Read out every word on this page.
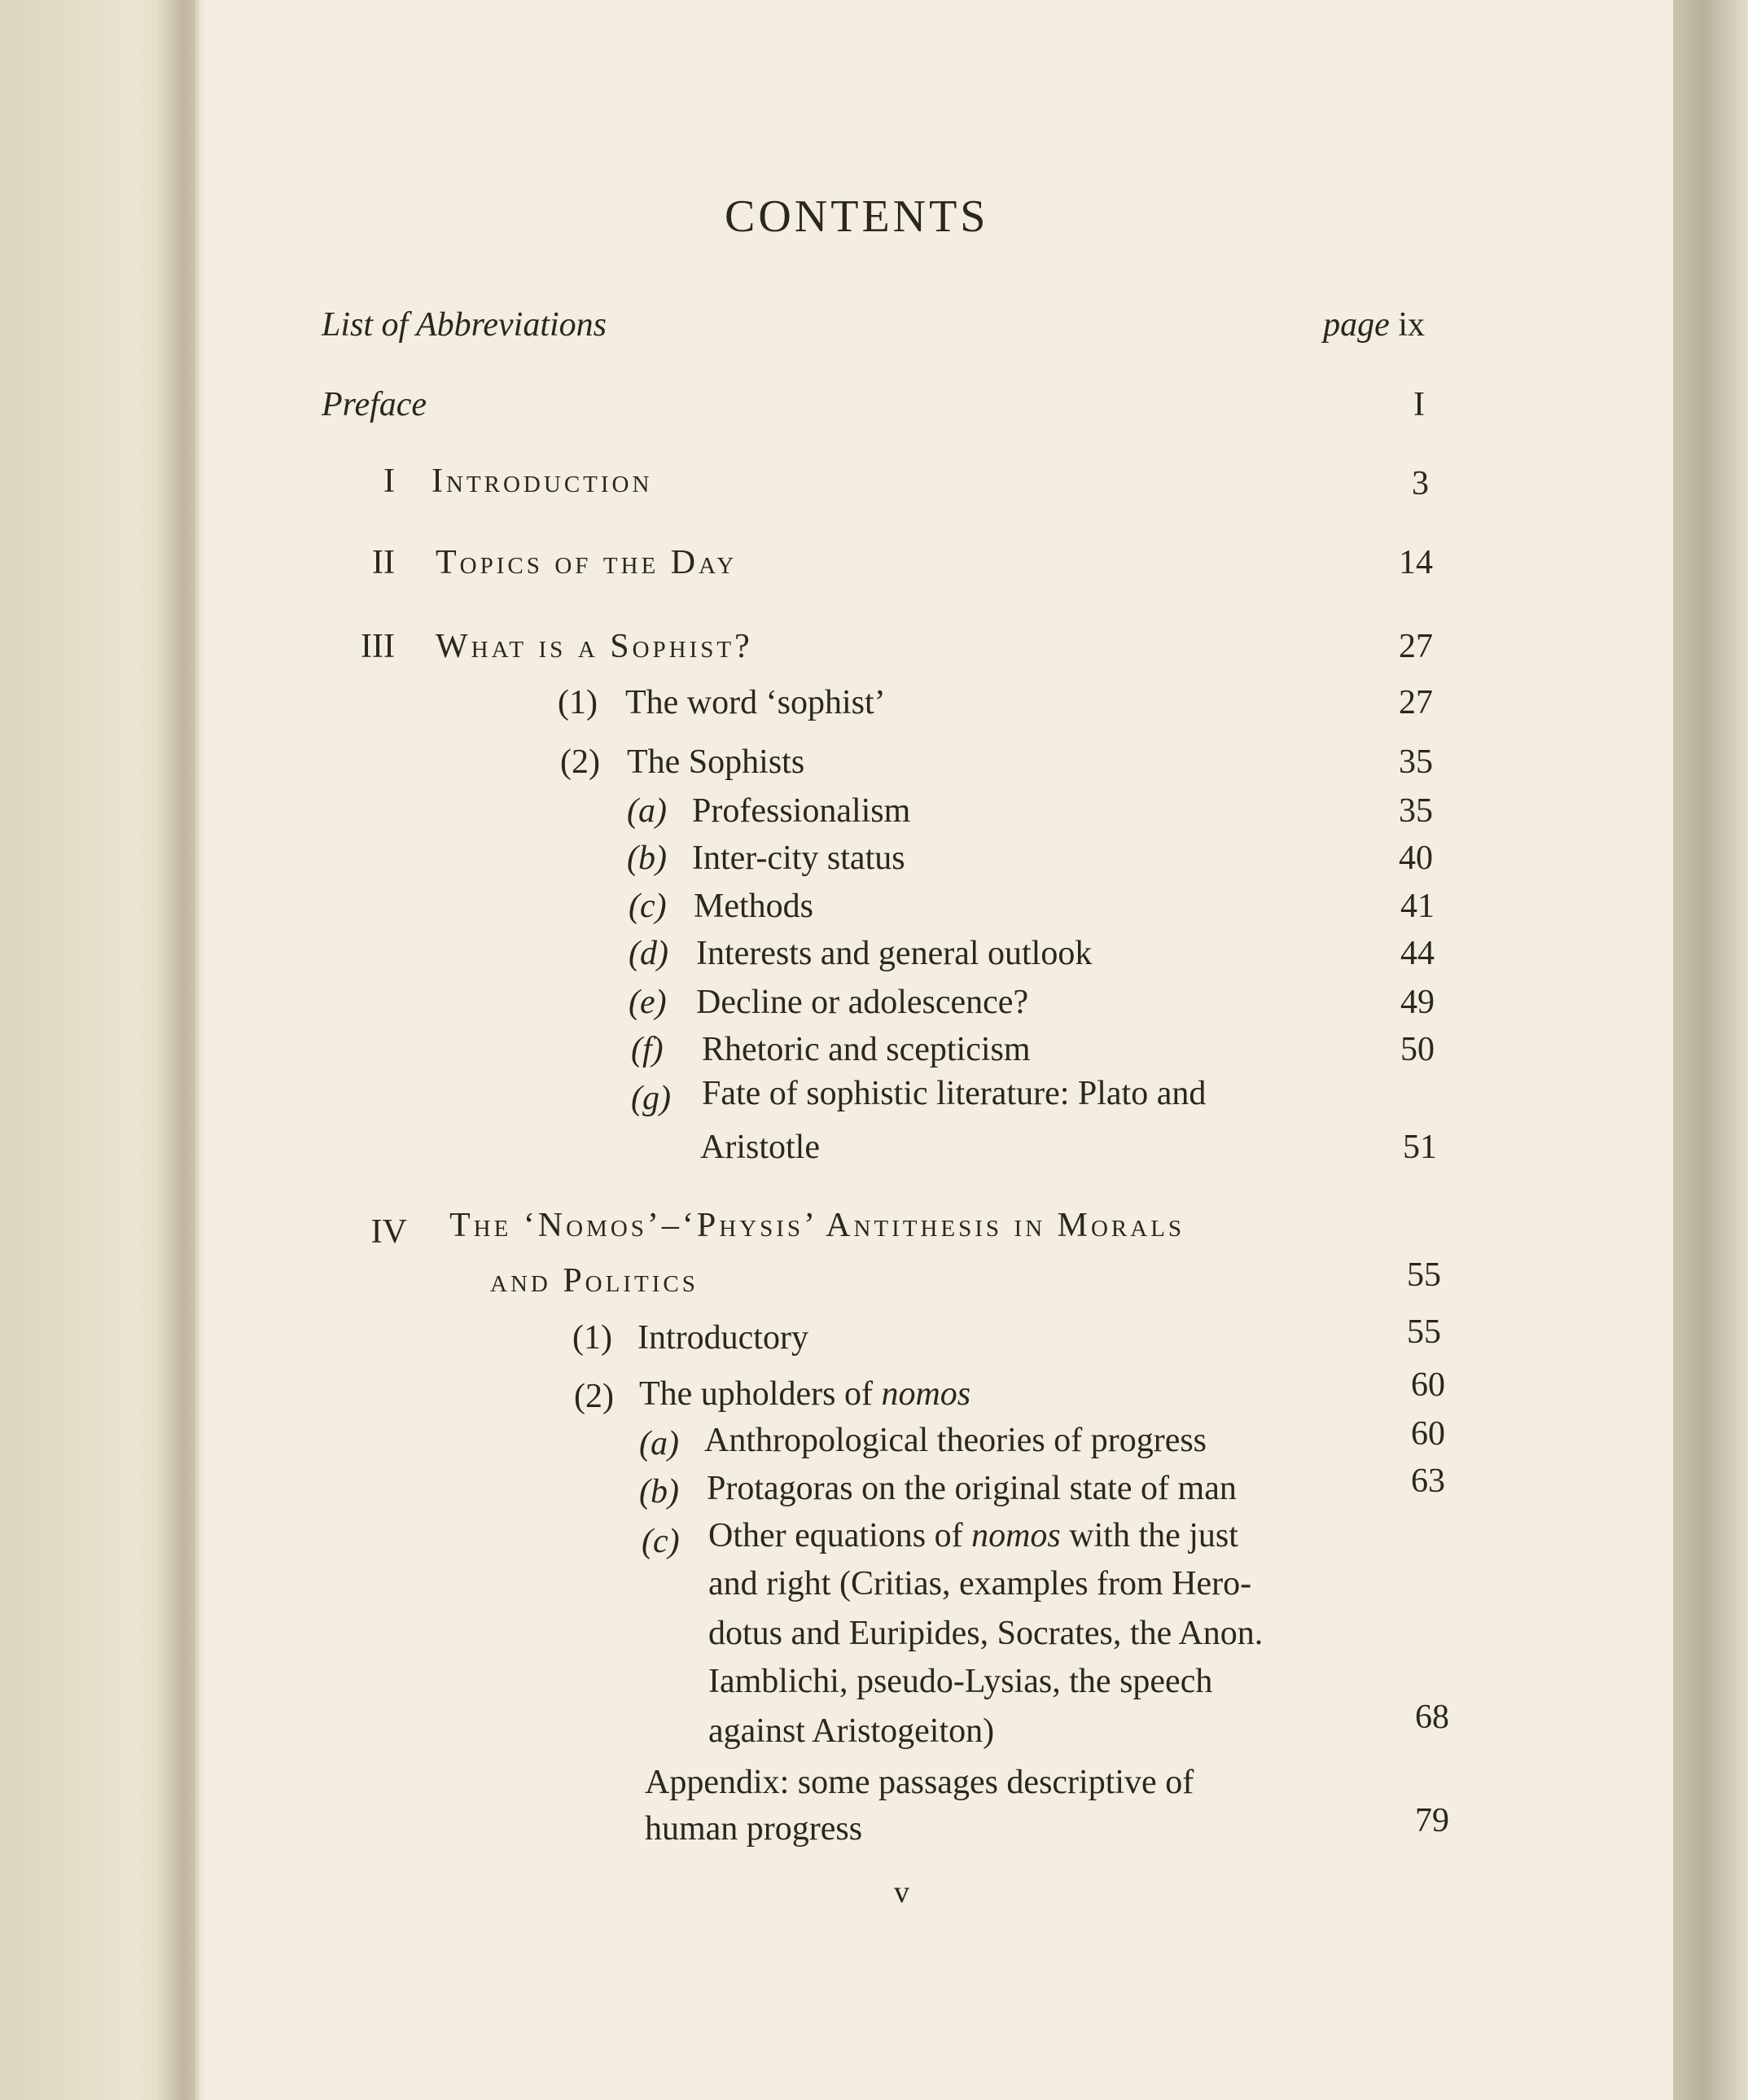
CONTENTS
List of Abbreviations	page ix
Preface	I
I Introduction	3
II Topics of the Day	14
III What is a Sophist?	27
(1) The word ‘sophist’	27
(2) The Sophists	35
(a) Professionalism	35
(b) Inter-city status	40
(c) Methods	41
(d) Interests and general outlook	44
(e) Decline or adolescence?	49
(f) Rhetoric and scepticism	50
(g) Fate of sophistic literature: Plato and
Aristotle	51
IV The ‘Nomos’–‘Physis’ Antithesis in Morals
and Politics	55
(1) Introductory	55
(2) The upholders of nomos	60
(a) Anthropological theories of progress	60
(b) Protagoras on the original state of man	63
(c) Other equations of nomos with the just
and right (Critias, examples from Hero-
dotus and Euripides, Socrates, the Anon.
Iamblichi, pseudo-Lysias, the speech
against Aristogeiton)	68
Appendix: some passages descriptive of
human progress	79
v
